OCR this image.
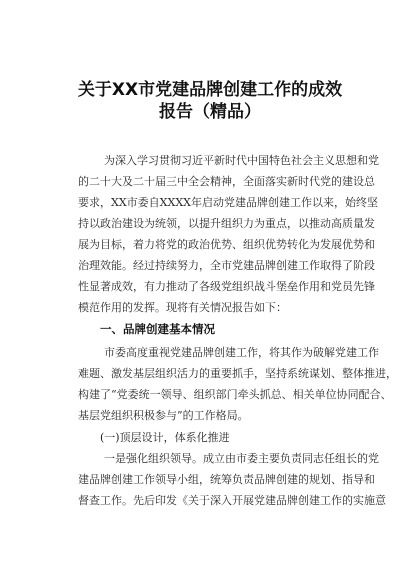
关于XX市党建品牌创建工作的成效
报告（精品）
为深入学习贯彻习近平新时代中国特色社会主义思想和党
的二十大及二十届三中全会精神，全面落实新时代党的建设总
要求，XX市委自XXXX年启动党建品牌创建工作以来，始终坚
持以政治建设为统领，以提升组织力为重点，以推动高质量发
展为目标，着力将党的政治优势、组织优势转化为发展优势和
治理效能。经过持续努力，全市党建品牌创建工作取得了阶段
性显著成效，有力推动了各级党组织战斗堡垒作用和党员先锋
模范作用的发挥。现将有关情况报告如下：
一、品牌创建基本情况
市委高度重视党建品牌创建工作，将其作为破解党建工作
难题、激发基层组织活力的重要抓手，坚持系统谋划、整体推进，
构建了“党委统一领导、组织部门牵头抓总、相关单位协同配合、
基层党组织积极参与”的工作格局。
(一)顶层设计，体系化推进
一是强化组织领导。成立由市委主要负责同志任组长的党
建品牌创建工作领导小组，统筹负责品牌创建的规划、指导和
督查工作。先后印发《关于深入开展党建品牌创建工作的实施意
